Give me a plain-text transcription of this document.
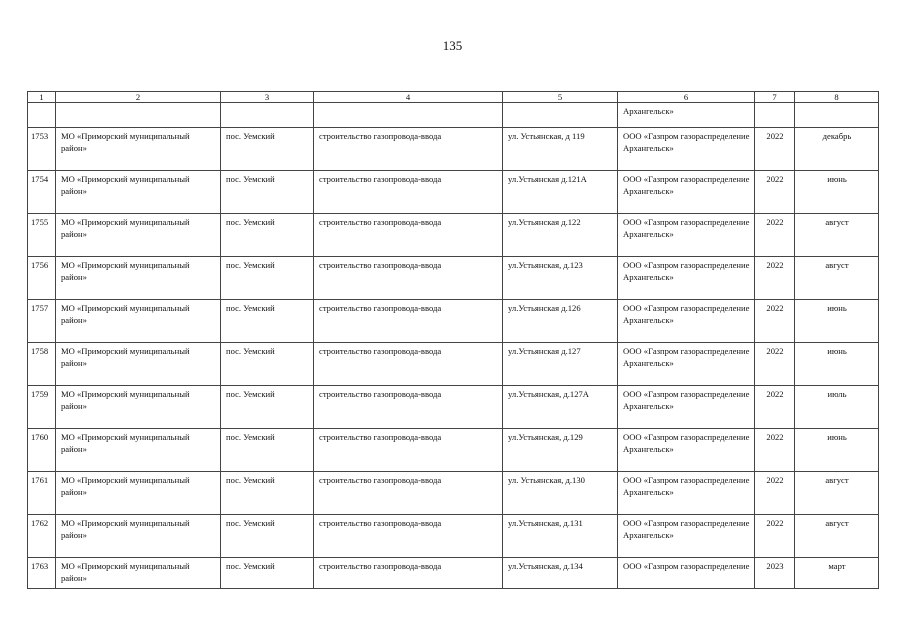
135
1	2	3	4	5	6	7	8
					Архангельск»		
1753	МО «Приморский муниципальный район»	пос. Уемский	строительство газопровода-ввода	ул. Устьянская, д 119	ООО «Газпром газораспределение Архангельск»	2022	декабрь
1754	МО «Приморский муниципальный район»	пос. Уемский	строительство газопровода-ввода	ул.Устьянская д.121А	ООО «Газпром газораспределение Архангельск»	2022	июнь
1755	МО «Приморский муниципальный район»	пос. Уемский	строительство газопровода-ввода	ул.Устьянская д.122	ООО «Газпром газораспределение Архангельск»	2022	август
1756	МО «Приморский муниципальный район»	пос. Уемский	строительство газопровода-ввода	ул.Устьянская, д.123	ООО «Газпром газораспределение Архангельск»	2022	август
1757	МО «Приморский муниципальный район»	пос. Уемский	строительство газопровода-ввода	ул.Устьянская д.126	ООО «Газпром газораспределение Архангельск»	2022	июнь
1758	МО «Приморский муниципальный район»	пос. Уемский	строительство газопровода-ввода	ул.Устьянская д.127	ООО «Газпром газораспределение Архангельск»	2022	июнь
1759	МО «Приморский муниципальный район»	пос. Уемский	строительство газопровода-ввода	ул.Устьянская, д.127А	ООО «Газпром газораспределение Архангельск»	2022	июль
1760	МО «Приморский муниципальный район»	пос. Уемский	строительство газопровода-ввода	ул.Устьянская, д.129	ООО «Газпром газораспределение Архангельск»	2022	июнь
1761	МО «Приморский муниципальный район»	пос. Уемский	строительство газопровода-ввода	ул. Устьянская, д.130	ООО «Газпром газораспределение Архангельск»	2022	август
1762	МО «Приморский муниципальный район»	пос. Уемский	строительство газопровода-ввода	ул.Устьянская, д.131	ООО «Газпром газораспределение Архангельск»	2022	август
1763	МО «Приморский муниципальный район»	пос. Уемский	строительство газопровода-ввода	ул.Устьянская, д.134	ООО «Газпром газораспределение	2023	март
